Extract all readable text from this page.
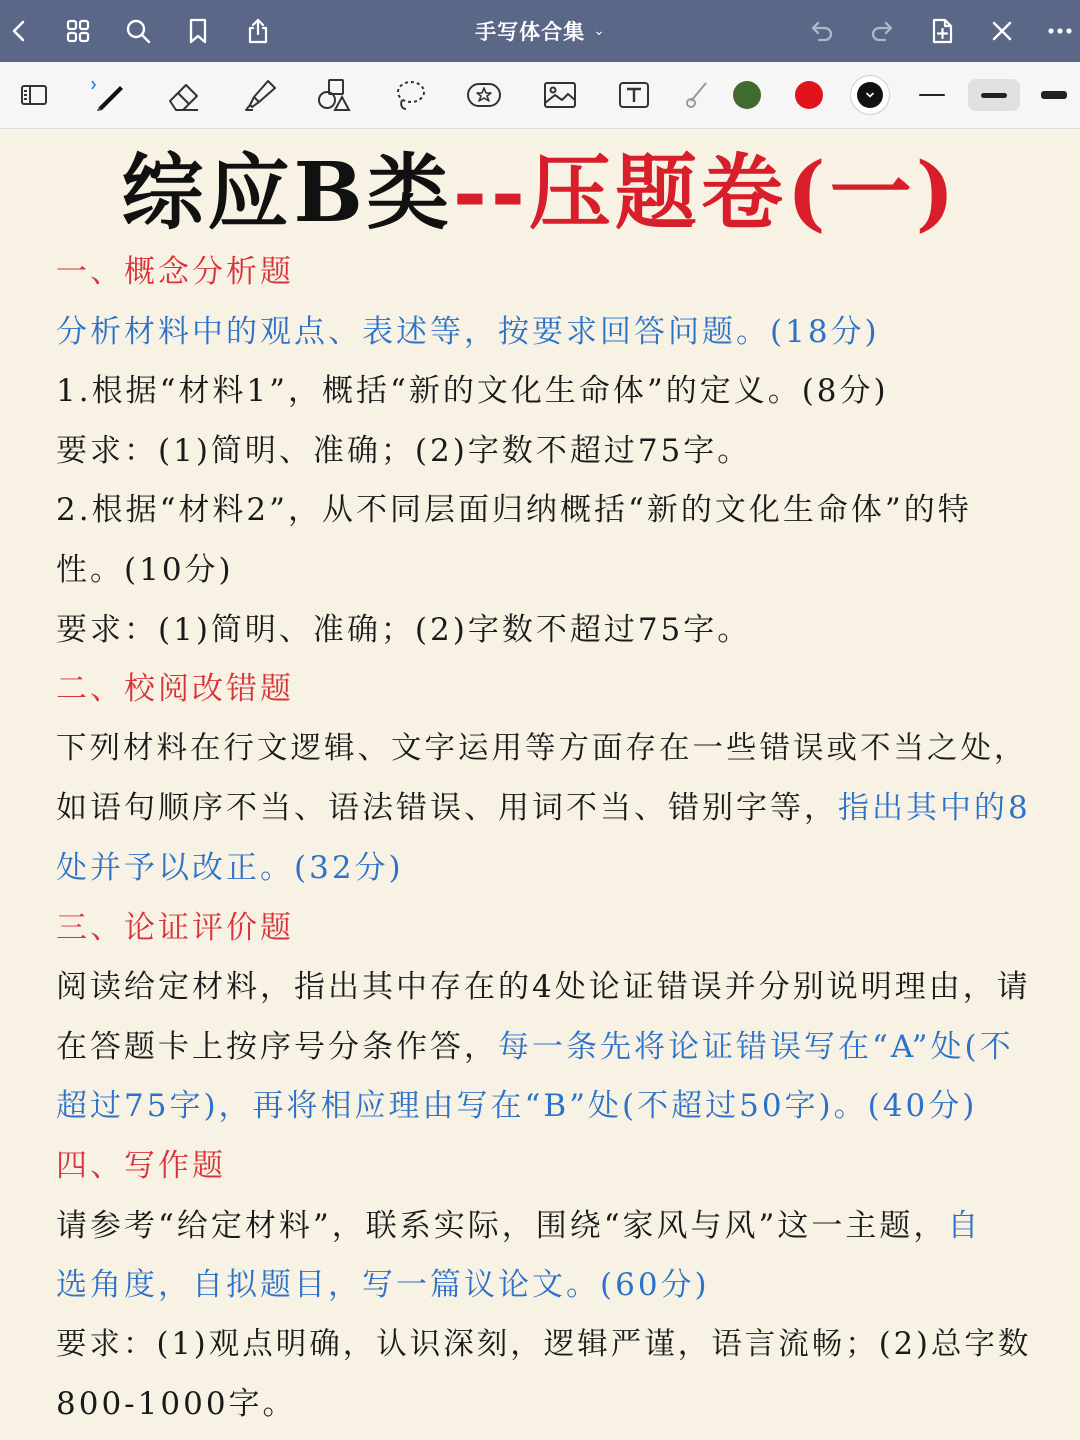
手写体合集 ⌄
综应B类 --压题卷(一)
一、概念分析题
分析材料中的观点、表述等，按要求回答问题。(18分)
1.根据“材料1”，概括“新的文化生命体”的定义。(8分)
要求：(1)简明、准确；(2)字数不超过75字。
2.根据“材料2”，从不同层面归纳概括“新的文化生命体”的特
性。(10分)
要求：(1)简明、准确；(2)字数不超过75字。
二、校阅改错题
下列材料在行文逻辑、文字运用等方面存在一些错误或不当之处，
如语句顺序不当、语法错误、用词不当、错别字等，指出其中的8
处并予以改正。(32分)
三、论证评价题
阅读给定材料，指出其中存在的4处论证错误并分别说明理由，请
在答题卡上按序号分条作答，每一条先将论证错误写在“A”处(不
超过75字)，再将相应理由写在“B”处(不超过50字)。(40分)
四、写作题
请参考“给定材料”，联系实际，围绕“家风与风”这一主题，自
选角度，自拟题目，写一篇议论文。(60分)
要求：(1)观点明确，认识深刻，逻辑严谨，语言流畅；(2)总字数
800-1000字。
